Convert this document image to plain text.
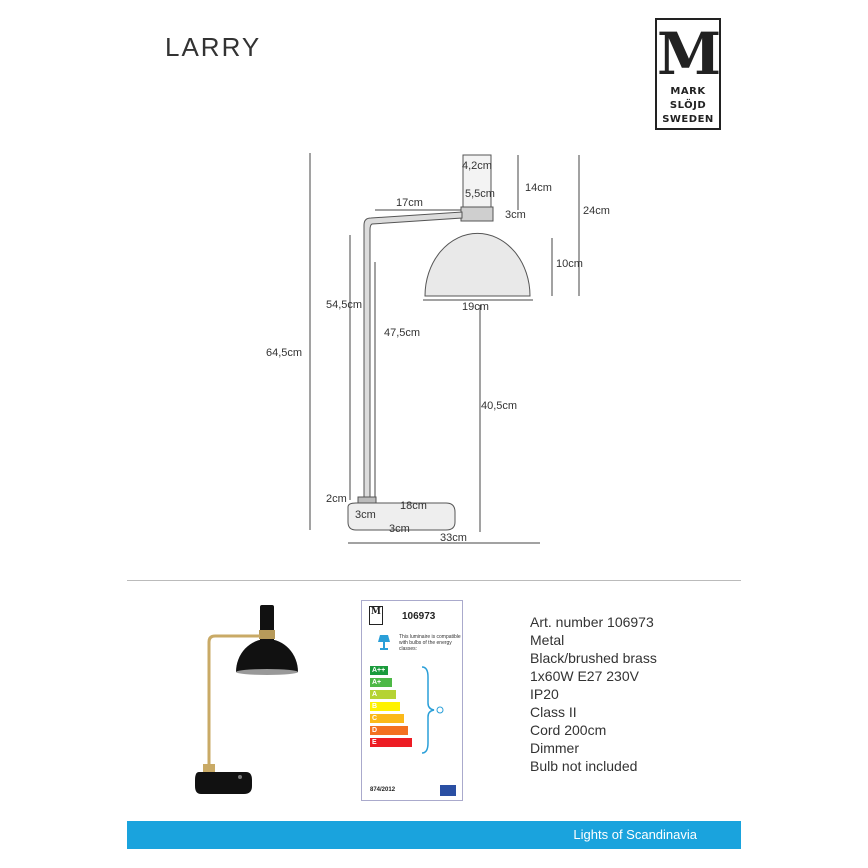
LARRY	M
MARK
SLÖJD
SWEDEN
4,2cm
14cm
24cm
17cm
5,5cm
3cm
10cm
54,5cm	19cm
64,5cm
47,5cm
40,5cm
2cm
18cm
3cm
3cm
33cm
M 106973
This luminaire is compatible with bulbs of the energy classes:
A++
A+
A
B
C
D
E
874/2012
Art. number 106973
Metal
Black/brushed brass
1x60W E27 230V
IP20
Class II
Cord 200cm
Dimmer
Bulb not included
Lights of Scandinavia
